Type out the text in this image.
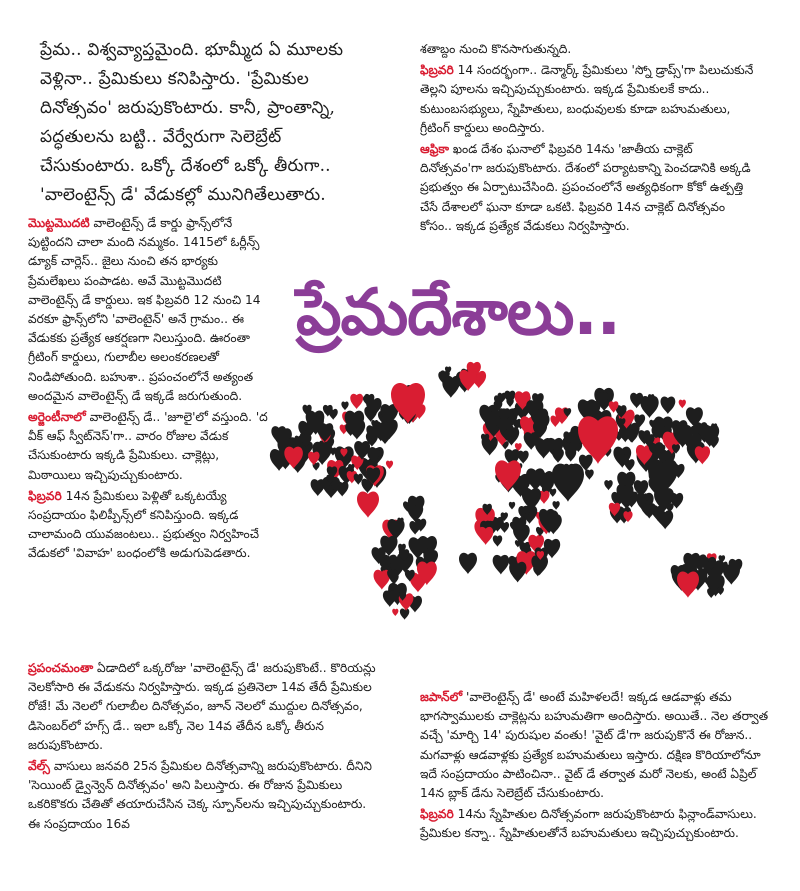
ప్రేమ.. విశ్వవ్యాప్తమైంది. భూమ్మీద ఏ మూలకు వెళ్లినా.. ప్రేమికులు కనిపిస్తారు. 'ప్రేమికుల దినోత్సవం' జరుపుకొంటారు. కానీ, ప్రాంతాన్ని, పద్ధతులను బట్టి.. వేర్వేరుగా సెలెబ్రేట్ చేసుకుంటారు. ఒక్కో దేశంలో ఒక్కో తీరుగా.. 'వాలెంటైన్స్ డే' వేడుకల్లో మునిగితేలుతారు.

మొట్టమొదటి వాలెంటైన్స్ డే కార్డు ఫ్రాన్స్‌లోనే పుట్టిందని చాలా మంది నమ్మకం. 1415లో ఓర్లీన్స్ డ్యూక్ చార్లెస్.. జైలు నుంచి తన భార్యకు ప్రేమలేఖలు పంపాడట. అవే మొట్టమొదటి వాలెంటైన్స్ డే కార్డులు. ఇక ఫిబ్రవరి 12 నుంచి 14 వరకూ ఫ్రాన్స్‌లోని 'వాలెంటైన్' అనే గ్రామం.. ఈ వేడుకకు ప్రత్యేక ఆకర్షణగా నిలుస్తుంది. ఊరంతా గ్రీటింగ్ కార్డులు, గులాబీల అలంకరణలతో నిండిపోతుంది. బహుశా.. ప్రపంచంలోనే అత్యంత అందమైన వాలెంటైన్స్ డే ఇక్కడే జరుగుతుంది.

అర్జెంటీనాలో వాలెంటైన్స్ డే.. 'జూలై'లో వస్తుంది. 'ద వీక్ ఆఫ్ స్వీట్‌నెస్'గా.. వారం రోజుల వేడుక చేసుకుంటారు ఇక్కడి ప్రేమికులు. చాక్లెట్లు, మిఠాయిలు ఇచ్చిపుచ్చుకుంటారు.

ఫిబ్రవరి 14న ప్రేమికులు పెళ్లితో ఒక్కటయ్యే సంప్రదాయం ఫిలిప్పీన్స్‌లో కనిపిస్తుంది. ఇక్కడ చాలామంది యువజంటలు.. ప్రభుత్వం నిర్వహించే వేడుకలో 'వివాహ' బంధంలోకి అడుగుపెడతారు.

ప్రపంచమంతా ఏడాదిలో ఒక్కరోజు 'వాలెంటైన్స్ డే' జరుపుకొంటే.. కొరియన్లు నెలకోసారి ఈ వేడుకను నిర్వహిస్తారు. ఇక్కడ ప్రతినెలా 14వ తేదీ ప్రేమికుల రోజే! మే నెలలో గులాబీల దినోత్సవం, జూన్ నెలలో ముద్దుల దినోత్సవం, డిసెంబర్‌లో హగ్స్ డే.. ఇలా ఒక్కో నెల 14వ తేదీన ఒక్కో తీరున జరుపుకొంటారు.

వేల్స్ వాసులు జనవరి 25న ప్రేమికుల దినోత్సవాన్ని జరుపుకొంటారు. దీనిని 'సెయింట్ డ్వైన్వెన్ దినోత్సవం' అని పిలుస్తారు. ఈ రోజున ప్రేమికులు ఒకరికొకరు చేతితో తయారుచేసిన చెక్క స్పూన్‌లను ఇచ్చిపుచ్చుకుంటారు. ఈ సంప్రదాయం 16వ

శతాబ్దం నుంచి కొనసాగుతున్నది.

ఫిబ్రవరి 14 సందర్భంగా.. డెన్మార్క్ ప్రేమికులు 'స్నో డ్రాప్స్'గా పిలుచుకునే తెల్లని పూలను ఇచ్చిపుచ్చుకుంటారు. ఇక్కడ ప్రేమికులకే కాదు.. కుటుంబసభ్యులు, స్నేహితులు, బంధువులకు కూడా బహుమతులు, గ్రీటింగ్ కార్డులు అందిస్తారు.

ఆఫ్రికా ఖండ దేశం ఘనాలో ఫిబ్రవరి 14ను 'జాతీయ చాక్లెట్ దినోత్సవం'గా జరుపుకొంటారు. దేశంలో పర్యాటకాన్ని పెంచడానికి అక్కడి ప్రభుత్వం ఈ ఏర్పాటుచేసింది. ప్రపంచంలోనే అత్యధికంగా కోకో ఉత్పత్తి చేసే దేశాలలో ఘనా కూడా ఒకటి. ఫిబ్రవరి 14న చాక్లెట్ దినోత్సవం కోసం.. ఇక్కడ ప్రత్యేక వేడుకలు నిర్వహిస్తారు.

ప్రేమదేశాలు..

జపాన్‌లో 'వాలెంటైన్స్ డే' అంటే మహిళలదే! ఇక్కడ ఆడవాళ్లు తమ భాగస్వాములకు చాక్లెట్లను బహుమతిగా అందిస్తారు. అయితే.. నెల తర్వాత వచ్చే 'మార్చి 14' పురుషుల వంతు! 'వైట్ డే'గా జరుపుకొనే ఈ రోజున.. మగవాళ్లు ఆడవాళ్లకు ప్రత్యేక బహుమతులు ఇస్తారు. దక్షిణ కొరియాలోనూ ఇదే సంప్రదాయం పాటించినా.. వైట్ డే తర్వాత మరో నెలకు, అంటే ఏప్రిల్ 14న బ్లాక్ డేను సెలెబ్రేట్ చేసుకుంటారు.

ఫిబ్రవరి 14ను స్నేహితుల దినోత్సవంగా జరుపుకొంటారు ఫిన్లాండ్‌వాసులు. ప్రేమికుల కన్నా.. స్నేహితులతోనే బహుమతులు ఇచ్చిపుచ్చుకుంటారు.
